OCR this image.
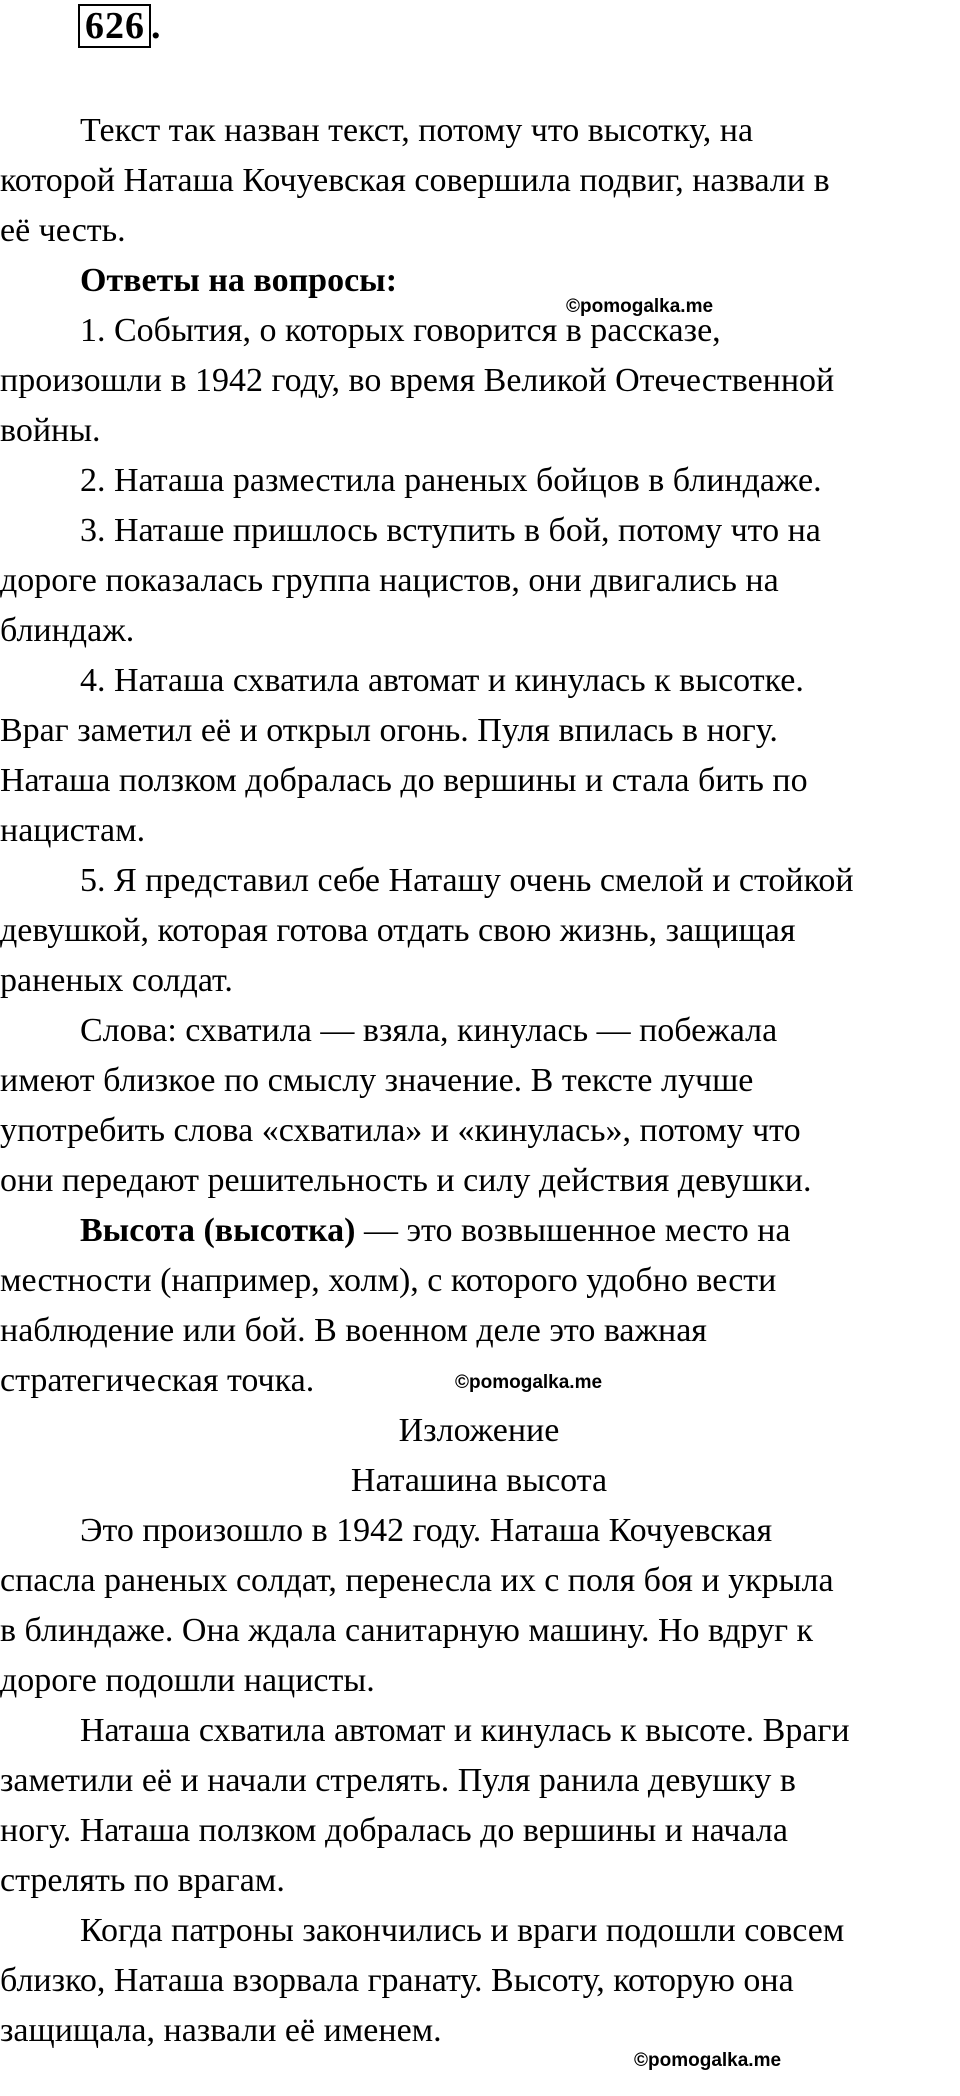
626 .

Текст так назван текст, потому что высотку, на
которой Наташа Кочуевская совершила подвиг, назвали в
её честь.

Ответы на вопросы:

1. События, о которых говорится в рассказе,
произошли в 1942 году, во время Великой Отечественной
войны.

2. Наташа разместила раненых бойцов в блиндаже.

3. Наташе пришлось вступить в бой, потому что на
дороге показалась группа нацистов, они двигались на
блиндаж.

4. Наташа схватила автомат и кинулась к высотке.
Враг заметил её и открыл огонь. Пуля впилась в ногу.
Наташа ползком добралась до вершины и стала бить по
нацистам.

5. Я представил себе Наташу очень смелой и стойкой
девушкой, которая готова отдать свою жизнь, защищая
раненых солдат.

Слова: схватила — взяла, кинулась — побежала
имеют близкое по смыслу значение. В тексте лучше
употребить слова «схватила» и «кинулась», потому что
они передают решительность и силу действия девушки.

Высота (высотка) — это возвышенное место на
местности (например, холм), с которого удобно вести
наблюдение или бой. В военном деле это важная
стратегическая точка.

Изложение

Наташина высота

Это произошло в 1942 году. Наташа Кочуевская
спасла раненых солдат, перенесла их с поля боя и укрыла
в блиндаже. Она ждала санитарную машину. Но вдруг к
дороге подошли нацисты.

Наташа схватила автомат и кинулась к высоте. Враги
заметили её и начали стрелять. Пуля ранила девушку в
ногу. Наташа ползком добралась до вершины и начала
стрелять по врагам.

Когда патроны закончились и враги подошли совсем
близко, Наташа взорвала гранату. Высоту, которую она
защищала, назвали её именем.

©pomogalka.me
©pomogalka.me
©pomogalka.me
